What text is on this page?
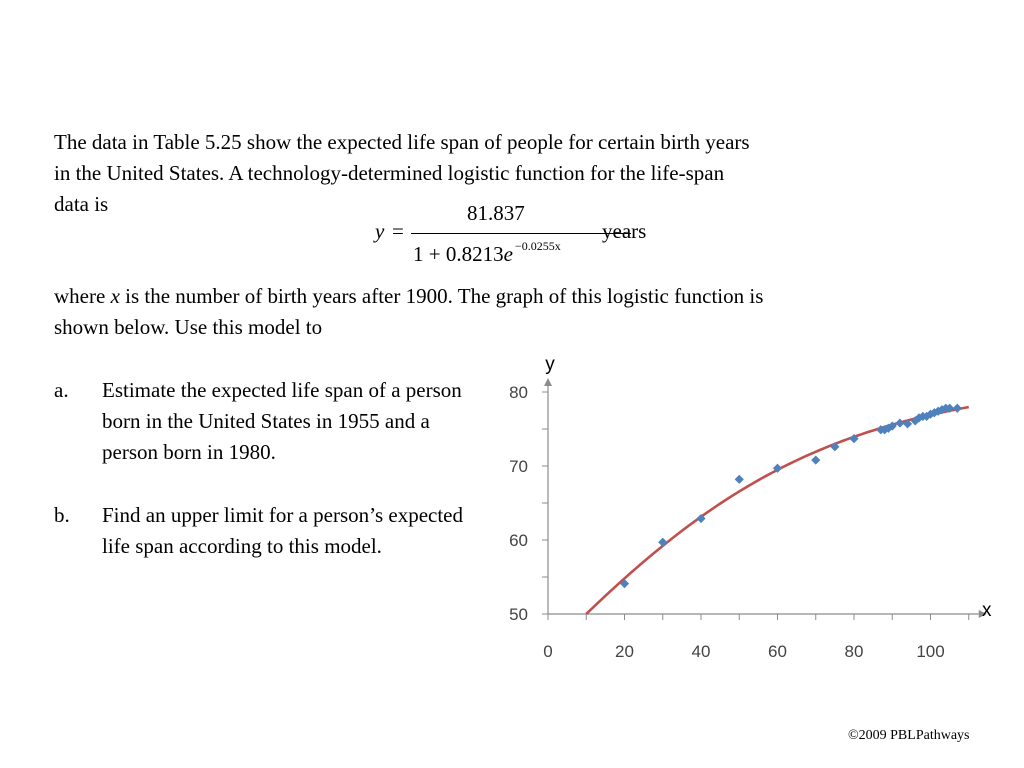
The data in Table 5.25 show the expected life span of people for certain birth years
in the United States. A technology-determined logistic function for the life-span
data is
y =
81.837
1 + 0.8213e $^{-0.0255x}$
years
where x is the number of birth years after 1900. The graph of this logistic function is
shown below. Use this model to
a. Estimate the expected life span of a person born in the United States in 1955 and a person born in 1980.
b. Find an upper limit for a person’s expected life span according to this model.
0	20	40	60	80	100
50
60
70
80
x
y
©2009 PBLPathways
